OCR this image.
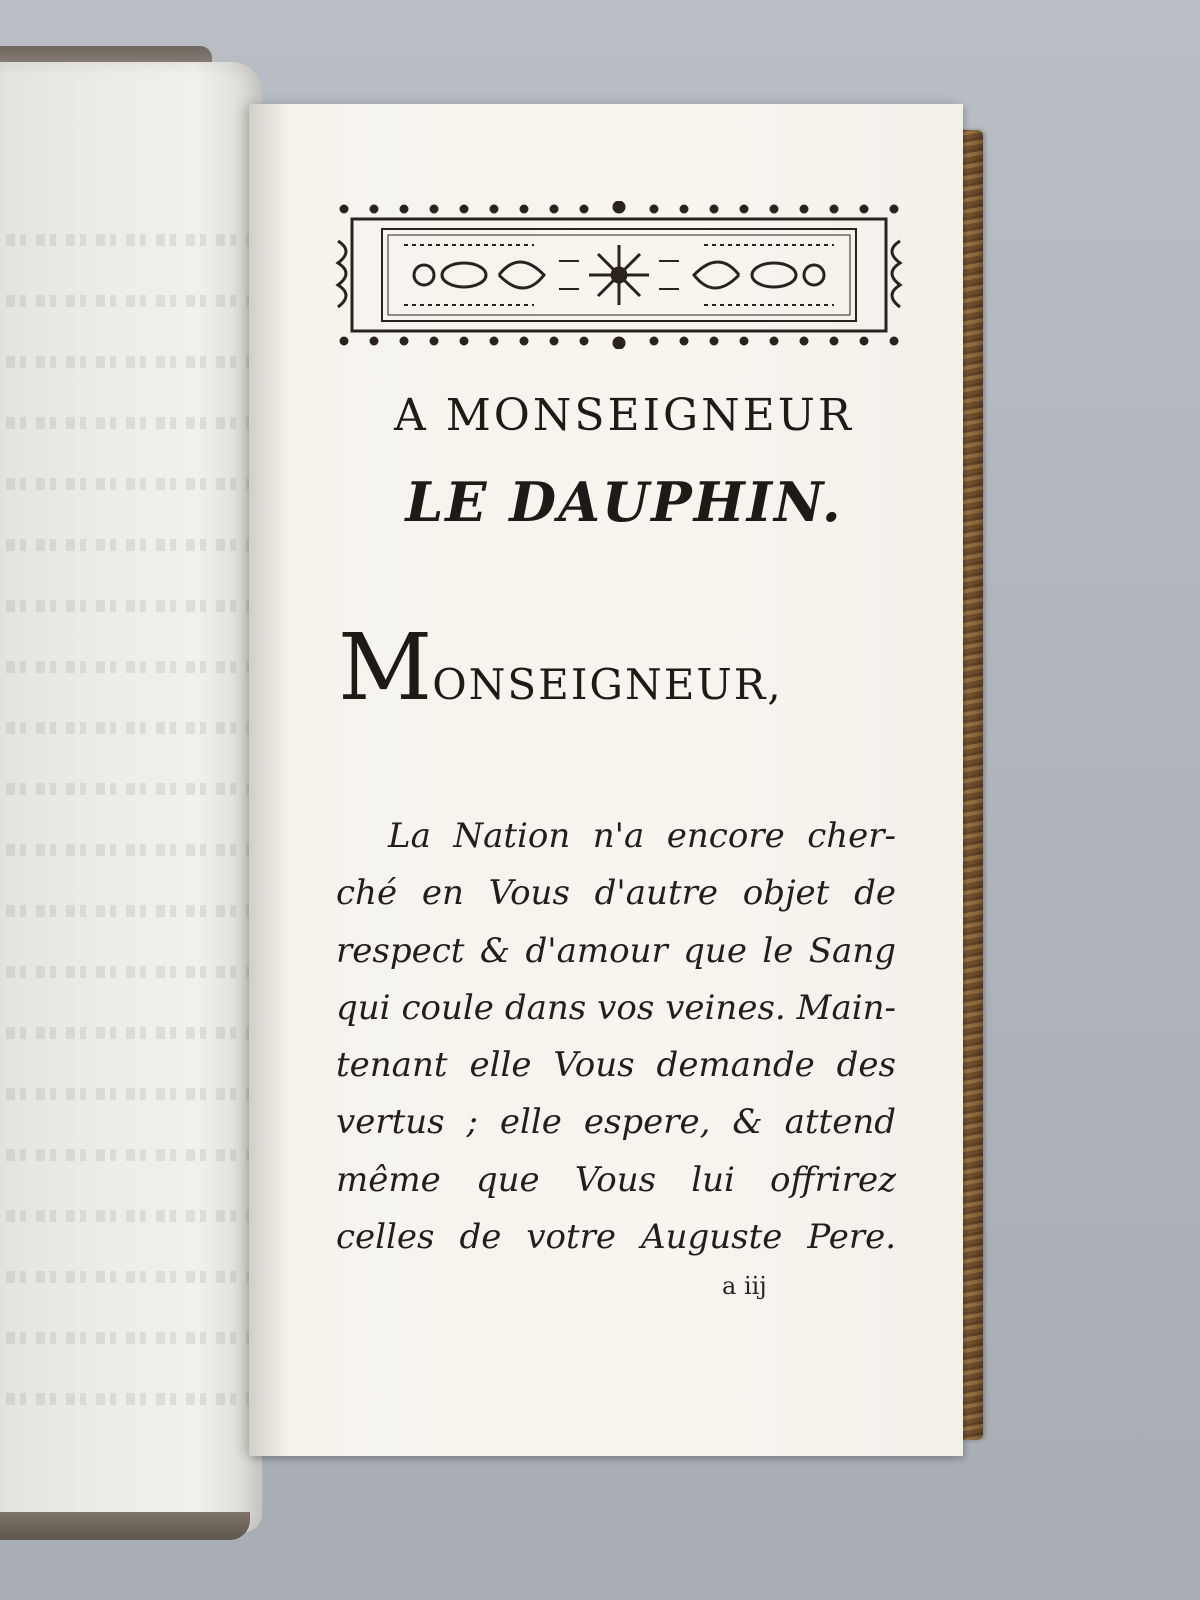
A MONSEIGNEUR
LE DAUPHIN.
MONSEIGNEUR,
La Nation n'a encore cher-
ché en Vous d'autre objet de
respect & d'amour que le Sang
qui coule dans vos veines. Main-
tenant elle Vous demande des
vertus ; elle espere, & attend
même que Vous lui offrirez
celles de votre Auguste Pere.
a iij
